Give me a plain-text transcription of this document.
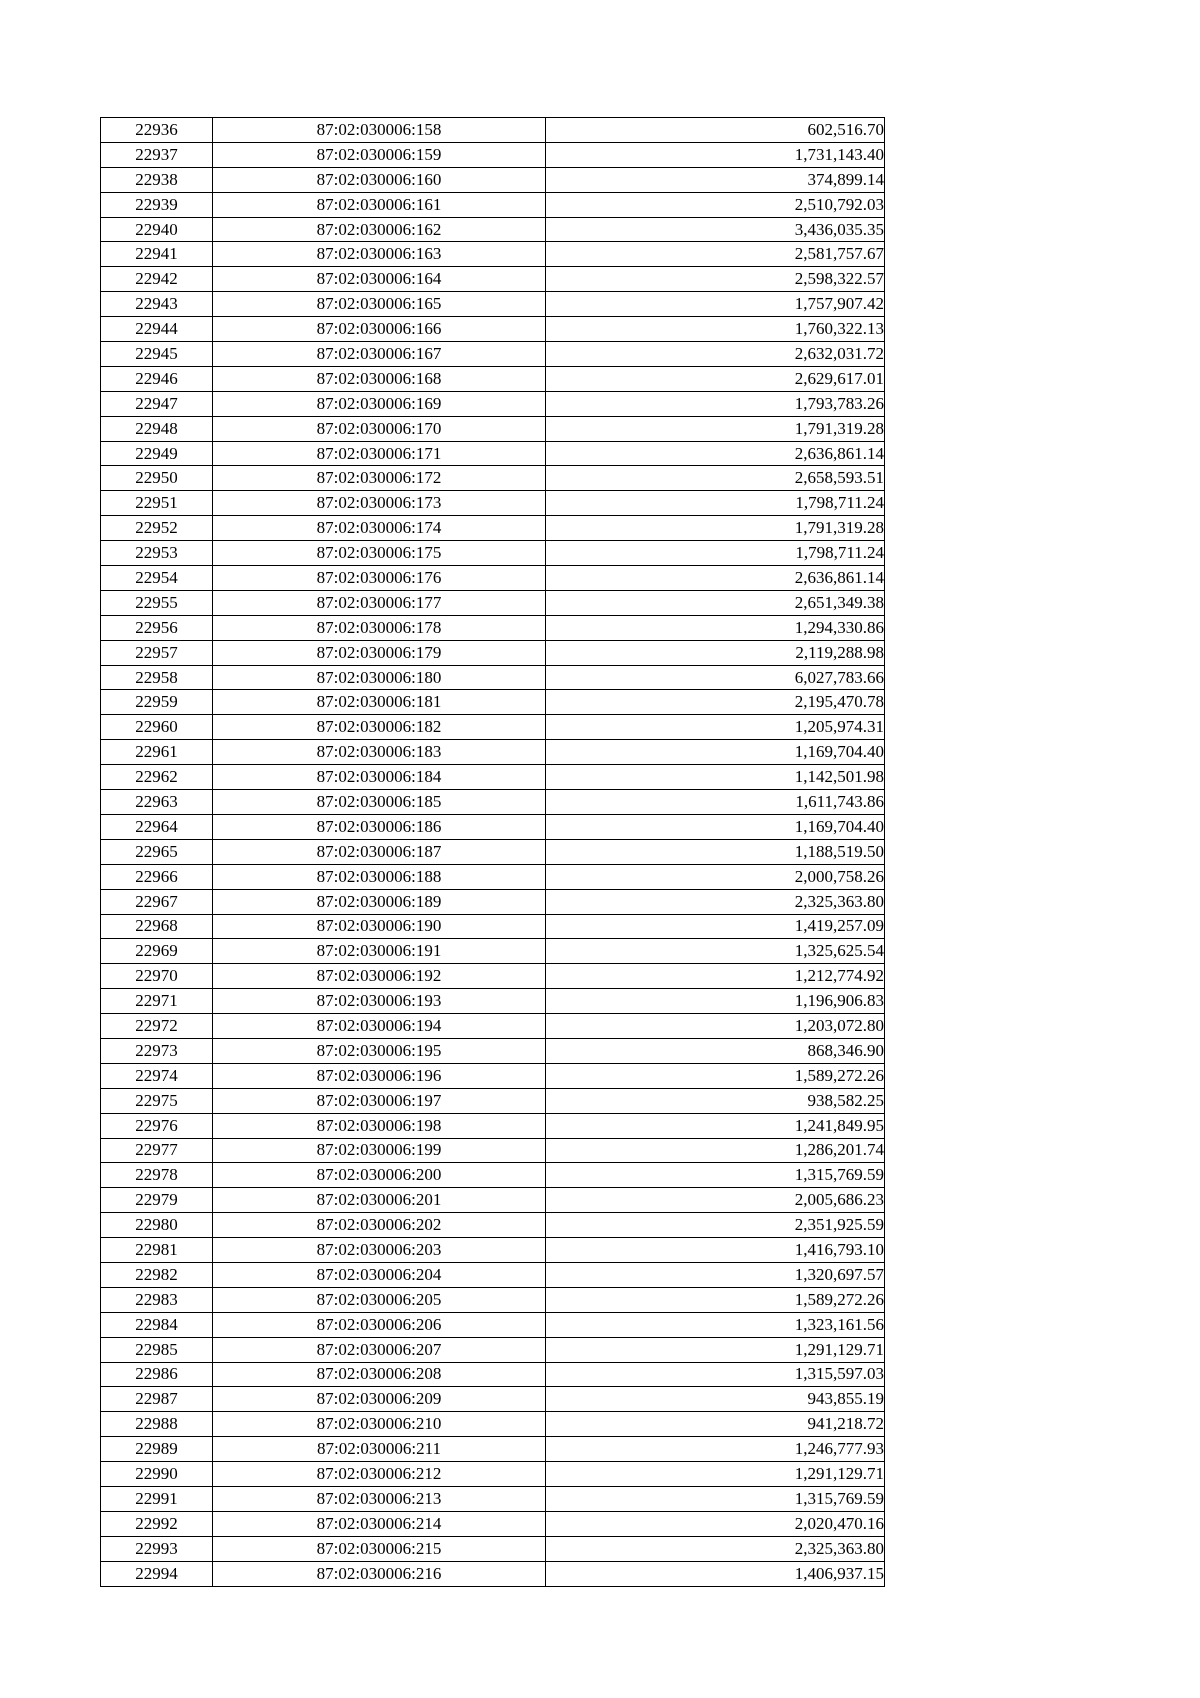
22936	87:02:030006:158	602,516.70
22937	87:02:030006:159	1,731,143.40
22938	87:02:030006:160	374,899.14
22939	87:02:030006:161	2,510,792.03
22940	87:02:030006:162	3,436,035.35
22941	87:02:030006:163	2,581,757.67
22942	87:02:030006:164	2,598,322.57
22943	87:02:030006:165	1,757,907.42
22944	87:02:030006:166	1,760,322.13
22945	87:02:030006:167	2,632,031.72
22946	87:02:030006:168	2,629,617.01
22947	87:02:030006:169	1,793,783.26
22948	87:02:030006:170	1,791,319.28
22949	87:02:030006:171	2,636,861.14
22950	87:02:030006:172	2,658,593.51
22951	87:02:030006:173	1,798,711.24
22952	87:02:030006:174	1,791,319.28
22953	87:02:030006:175	1,798,711.24
22954	87:02:030006:176	2,636,861.14
22955	87:02:030006:177	2,651,349.38
22956	87:02:030006:178	1,294,330.86
22957	87:02:030006:179	2,119,288.98
22958	87:02:030006:180	6,027,783.66
22959	87:02:030006:181	2,195,470.78
22960	87:02:030006:182	1,205,974.31
22961	87:02:030006:183	1,169,704.40
22962	87:02:030006:184	1,142,501.98
22963	87:02:030006:185	1,611,743.86
22964	87:02:030006:186	1,169,704.40
22965	87:02:030006:187	1,188,519.50
22966	87:02:030006:188	2,000,758.26
22967	87:02:030006:189	2,325,363.80
22968	87:02:030006:190	1,419,257.09
22969	87:02:030006:191	1,325,625.54
22970	87:02:030006:192	1,212,774.92
22971	87:02:030006:193	1,196,906.83
22972	87:02:030006:194	1,203,072.80
22973	87:02:030006:195	868,346.90
22974	87:02:030006:196	1,589,272.26
22975	87:02:030006:197	938,582.25
22976	87:02:030006:198	1,241,849.95
22977	87:02:030006:199	1,286,201.74
22978	87:02:030006:200	1,315,769.59
22979	87:02:030006:201	2,005,686.23
22980	87:02:030006:202	2,351,925.59
22981	87:02:030006:203	1,416,793.10
22982	87:02:030006:204	1,320,697.57
22983	87:02:030006:205	1,589,272.26
22984	87:02:030006:206	1,323,161.56
22985	87:02:030006:207	1,291,129.71
22986	87:02:030006:208	1,315,597.03
22987	87:02:030006:209	943,855.19
22988	87:02:030006:210	941,218.72
22989	87:02:030006:211	1,246,777.93
22990	87:02:030006:212	1,291,129.71
22991	87:02:030006:213	1,315,769.59
22992	87:02:030006:214	2,020,470.16
22993	87:02:030006:215	2,325,363.80
22994	87:02:030006:216	1,406,937.15
